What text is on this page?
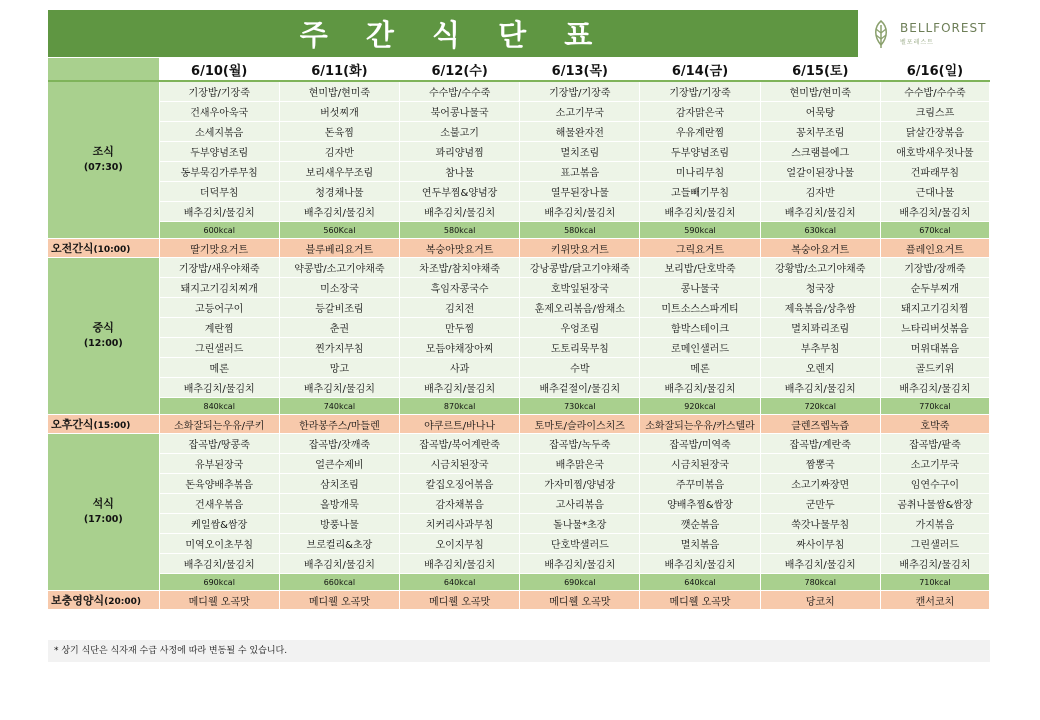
주 간 식 단 표	BELLFOREST
벨포레스트
	6/10(월)	6/11(화)	6/12(수)	6/13(목)	6/14(금)	6/15(토)	6/16(일)
조식

(07:30)	기장밥/기장죽	현미밥/현미죽	수수밥/수수죽	기장밥/기장죽	기장밥/기장죽	현미밥/현미죽	수수밥/수수죽
	건새우아욱국	버섯찌개	북어콩나물국	소고기무국	감자맑은국	어묵탕	크림스프
	소세지볶음	돈육찜	소불고기	해물완자전	우유계란찜	꽁치무조림	닭살간장볶음
	두부양념조림	김자반	꽈리양념찜	멸치조림	두부양념조림	스크램블에그	애호박새우젓나물
	동부묵김가루무침	보리새우무조림	참나물	표고볶음	미나리무침	얼갈이된장나물	건파래무침
	더덕무침	청경채나물	연두부찜&양념장	열무된장나물	고들빼기무침	김자반	근대나물
	배추김치/물김치	배추김치/물김치	배추김치/물김치	배추김치/물김치	배추김치/물김치	배추김치/물김치	배추김치/물김치
	600kcal	560Kcal	580kcal	580kcal	590kcal	630kcal	670kcal
오전간식(10:00)	딸기맛요거트	블루베리요거트	복숭아맛요거트	키위맛요거트	그릭요거트	복숭아요거트	플레인요거트
중식

(12:00)	기장밥/새우야채죽	약콩밥/소고기야채죽	차조밥/참치야채죽	강낭콩밥/닭고기야채죽	보리밥/단호박죽	강황밥/소고기야채죽	기장밥/장깨죽
	돼지고기김치찌개	미소장국	흑임자콩국수	호박잎된장국	콩나물국	청국장	순두부찌개
	고등어구이	등갈비조림	김치전	훈제오리볶음/쌈채소	미트소스스파게티	제육볶음/상추쌈	돼지고기김치찜
	계란찜	춘권	만두찜	우엉조림	함박스테이크	멸치꽈리조림	느타리버섯볶음
	그린샐러드	찐가지무침	모듬야채장아찌	도토리묵무침	로메인샐러드	부추무침	머위대볶음
	메론	망고	사과	수박	메론	오렌지	골드키위
	배추김치/물김치	배추김치/물김치	배추김치/물김치	배추겉절이/물김치	배추김치/물김치	배추김치/물김치	배추김치/물김치
	840kcal	740kcal	870kcal	730kcal	920kcal	720kcal	770kcal
오후간식(15:00)	소화잘되는우유/쿠키	한라봉주스/마들렌	야쿠르트/바나나	토마토/슬라이스치즈	소화잘되는우유/카스텔라	클렌즈렙녹즙	호박죽
석식

(17:00)	잡곡밥/땅콩죽	잡곡밥/잣깨죽	잡곡밥/북어계란죽	잡곡밥/녹두죽	잡곡밥/미역죽	잡곡밥/계란죽	잡곡밥/팥죽
	유부된장국	얼큰수제비	시금치된장국	배추맑은국	시금치된장국	짬뽕국	소고기무국
	돈육양배추볶음	삼치조림	칼집오징어볶음	가자미찜/양념장	주꾸미볶음	소고기짜장면	임연수구이
	건새우볶음	올방개묵	감자채볶음	고사리볶음	양배추찜&쌈장	군만두	곰취나물쌈&쌈장
	케일쌈&쌈장	방풍나물	치커리사과무침	돌나물*초장	깻순볶음	쑥갓나물무침	가지볶음
	미역오이초무침	브로컬리&초장	오이지무침	단호박샐러드	멸치볶음	짜사이무침	그린샐러드
	배추김치/물김치	배추김치/물김치	배추김치/물김치	배추김치/물김치	배추김치/물김치	배추김치/물김치	배추김치/물김치
	690kcal	660kcal	640kcal	690kcal	640kcal	780kcal	710kcal
보충영양식(20:00)	메디웰 오곡맛	메디웰 오곡맛	메디웰 오곡맛	메디웰 오곡맛	메디웰 오곡맛	당코치	캔서코치
* 상기 식단은 식자재 수급 사정에 따라 변동될 수 있습니다.
